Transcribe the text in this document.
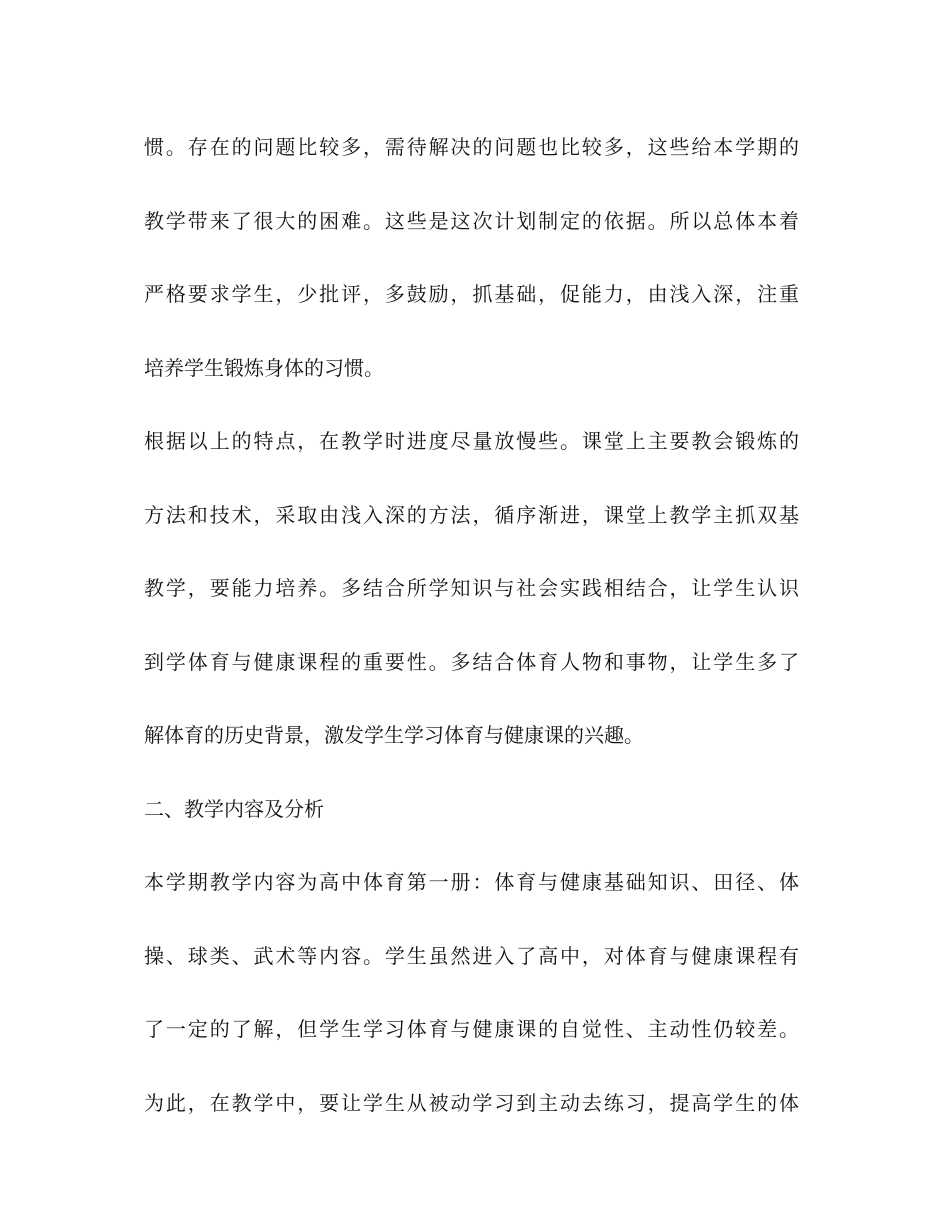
惯。存在的问题比较多，需待解决的问题也比较多，这些给本学期的
教学带来了很大的困难。这些是这次计划制定的依据。所以总体本着
严格要求学生，少批评，多鼓励，抓基础，促能力，由浅入深，注重
培养学生锻炼身体的习惯。
根据以上的特点，在教学时进度尽量放慢些。课堂上主要教会锻炼的
方法和技术，采取由浅入深的方法，循序渐进，课堂上教学主抓双基
教学，要能力培养。多结合所学知识与社会实践相结合，让学生认识
到学体育与健康课程的重要性。多结合体育人物和事物，让学生多了
解体育的历史背景，激发学生学习体育与健康课的兴趣。
二、教学内容及分析
本学期教学内容为高中体育第一册：体育与健康基础知识、田径、体
操、球类、武术等内容。学生虽然进入了高中，对体育与健康课程有
了一定的了解，但学生学习体育与健康课的自觉性、主动性仍较差。
为此，在教学中，要让学生从被动学习到主动去练习，提高学生的体
